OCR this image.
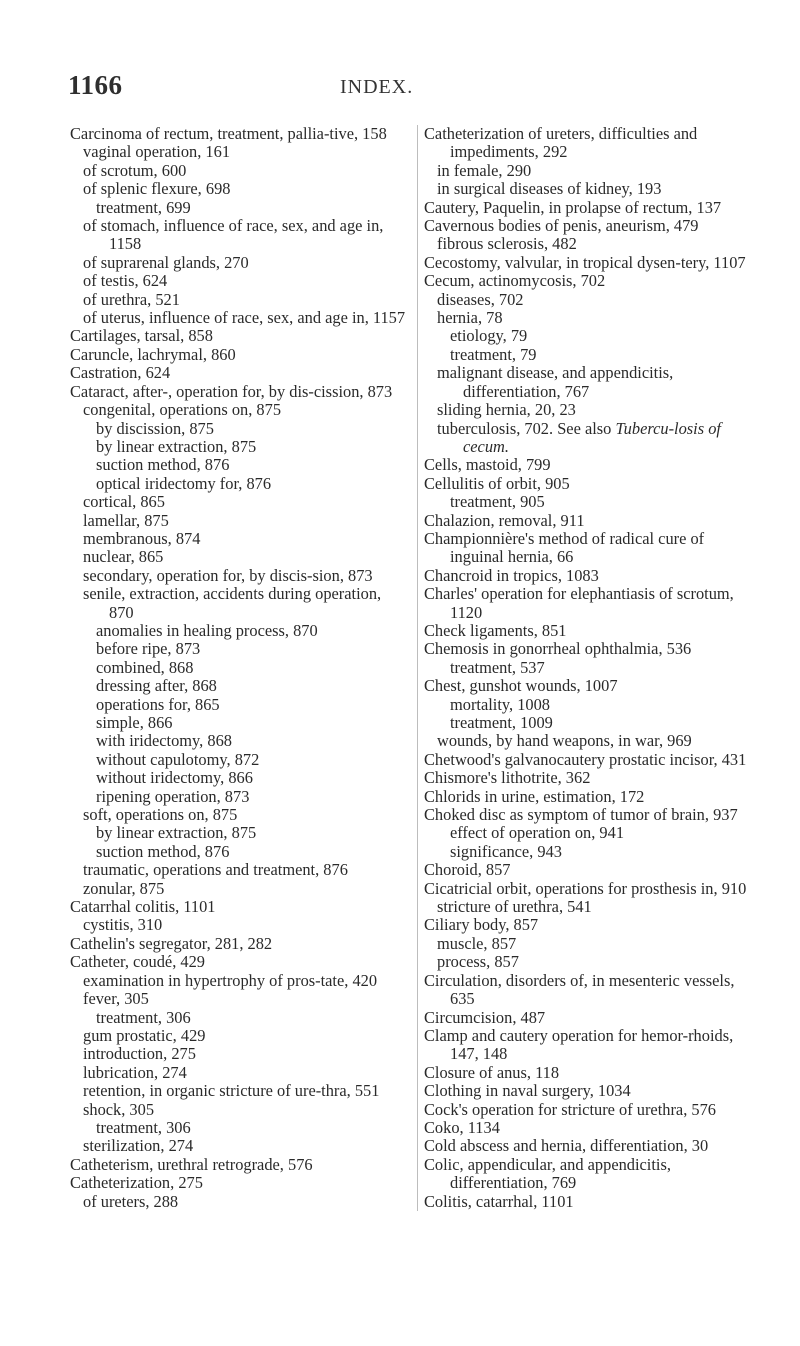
1166	INDEX.
Carcinoma of rectum, treatment, pallia-tive, 158
vaginal operation, 161
of scrotum, 600
of splenic flexure, 698
treatment, 699
of stomach, influence of race, sex, and age in, 1158
of suprarenal glands, 270
of testis, 624
of urethra, 521
of uterus, influence of race, sex, and age in, 1157
Cartilages, tarsal, 858
Caruncle, lachrymal, 860
Castration, 624
Cataract, after-, operation for, by dis-cission, 873
congenital, operations on, 875
by discission, 875
by linear extraction, 875
suction method, 876
optical iridectomy for, 876
cortical, 865
lamellar, 875
membranous, 874
nuclear, 865
secondary, operation for, by discis-sion, 873
senile, extraction, accidents during operation, 870
anomalies in healing process, 870
before ripe, 873
combined, 868
dressing after, 868
operations for, 865
simple, 866
with iridectomy, 868
without capulotomy, 872
without iridectomy, 866
ripening operation, 873
soft, operations on, 875
by linear extraction, 875
suction method, 876
traumatic, operations and treatment, 876
zonular, 875
Catarrhal colitis, 1101
cystitis, 310
Cathelin's segregator, 281, 282
Catheter, coudé, 429
examination in hypertrophy of pros-tate, 420
fever, 305
treatment, 306
gum prostatic, 429
introduction, 275
lubrication, 274
retention, in organic stricture of ure-thra, 551
shock, 305
treatment, 306
sterilization, 274
Catheterism, urethral retrograde, 576
Catheterization, 275
of ureters, 288
Catheterization of ureters, difficulties and impediments, 292
in female, 290
in surgical diseases of kidney, 193
Cautery, Paquelin, in prolapse of rectum, 137
Cavernous bodies of penis, aneurism, 479
fibrous sclerosis, 482
Cecostomy, valvular, in tropical dysen-tery, 1107
Cecum, actinomycosis, 702
diseases, 702
hernia, 78
etiology, 79
treatment, 79
malignant disease, and appendicitis, differentiation, 767
sliding hernia, 20, 23
tuberculosis, 702. See also Tubercu-losis of cecum.
Cells, mastoid, 799
Cellulitis of orbit, 905
treatment, 905
Chalazion, removal, 911
Championnière's method of radical cure of inguinal hernia, 66
Chancroid in tropics, 1083
Charles' operation for elephantiasis of scrotum, 1120
Check ligaments, 851
Chemosis in gonorrheal ophthalmia, 536
treatment, 537
Chest, gunshot wounds, 1007
mortality, 1008
treatment, 1009
wounds, by hand weapons, in war, 969
Chetwood's galvanocautery prostatic incisor, 431
Chismore's lithotrite, 362
Chlorids in urine, estimation, 172
Choked disc as symptom of tumor of brain, 937
effect of operation on, 941
significance, 943
Choroid, 857
Cicatricial orbit, operations for prosthesis in, 910
stricture of urethra, 541
Ciliary body, 857
muscle, 857
process, 857
Circulation, disorders of, in mesenteric vessels, 635
Circumcision, 487
Clamp and cautery operation for hemor-rhoids, 147, 148
Closure of anus, 118
Clothing in naval surgery, 1034
Cock's operation for stricture of urethra, 576
Coko, 1134
Cold abscess and hernia, differentiation, 30
Colic, appendicular, and appendicitis, differentiation, 769
Colitis, catarrhal, 1101
